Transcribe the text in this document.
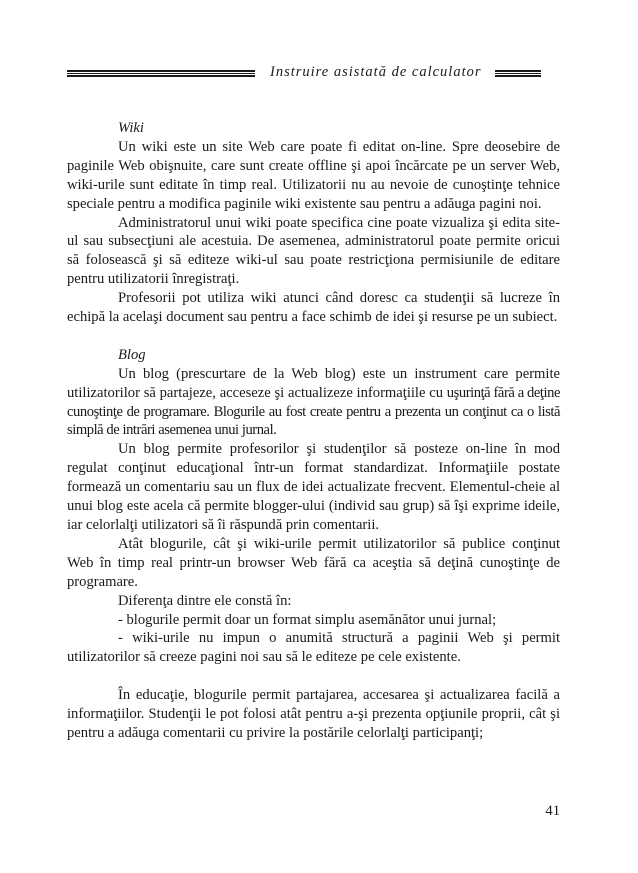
Instruire asistată de calculator

Wiki

Un wiki este un site Web care poate fi editat on-line. Spre deosebire de paginile Web obişnuite, care sunt create offline şi apoi încărcate pe un server Web, wiki-urile sunt editate în timp real. Utilizatorii nu au nevoie de cunoştinţe tehnice speciale pentru a modifica paginile wiki existente sau pentru a adăuga pagini noi.

Administratorul unui wiki poate specifica cine poate vizualiza şi edita site-ul sau subsecţiuni ale acestuia. De asemenea, administratorul poate permite oricui să folosească şi să editeze wiki-ul sau poate restricţiona permisiunile de editare pentru utilizatorii înregistraţi.

Profesorii pot utiliza wiki atunci când doresc ca studenţii să lucreze în echipă la acelaşi document sau pentru a face schimb de idei şi resurse pe un subiect.

Blog

Un blog (prescurtare de la Web blog) este un instrument care permite utilizatorilor să partajeze, acceseze şi actualizeze informaţiile cu uşurinţă fără a deţine cunoştinţe de programare. Blogurile au fost create pentru a prezenta un conţinut ca o listă simplă de intrări asemenea unui jurnal.

Un blog permite profesorilor şi studenţilor să posteze on-line în mod regulat conţinut educaţional într-un format standardizat. Informaţiile postate formează un comentariu sau un flux de idei actualizate frecvent. Elementul-cheie al unui blog este acela că permite blogger-ului (individ sau grup) să îşi exprime ideile, iar celorlalţi utilizatori să îi răspundă prin comentarii.

Atât blogurile, cât şi wiki-urile permit utilizatorilor să publice conţinut Web în timp real printr-un browser Web fără ca aceştia să deţină cunoştinţe de programare.

Diferenţa dintre ele constă în:

- blogurile permit doar un format simplu asemănător unui jurnal;

- wiki-urile nu impun o anumită structură a paginii Web şi permit utilizatorilor să creeze pagini noi sau să le editeze pe cele existente.

În educaţie, blogurile permit partajarea, accesarea şi actualizarea facilă a informaţiilor. Studenţii le pot folosi atât pentru a-şi prezenta opţiunile proprii, cât şi pentru a adăuga comentarii cu privire la postările celorlalţi participanţi;

41
